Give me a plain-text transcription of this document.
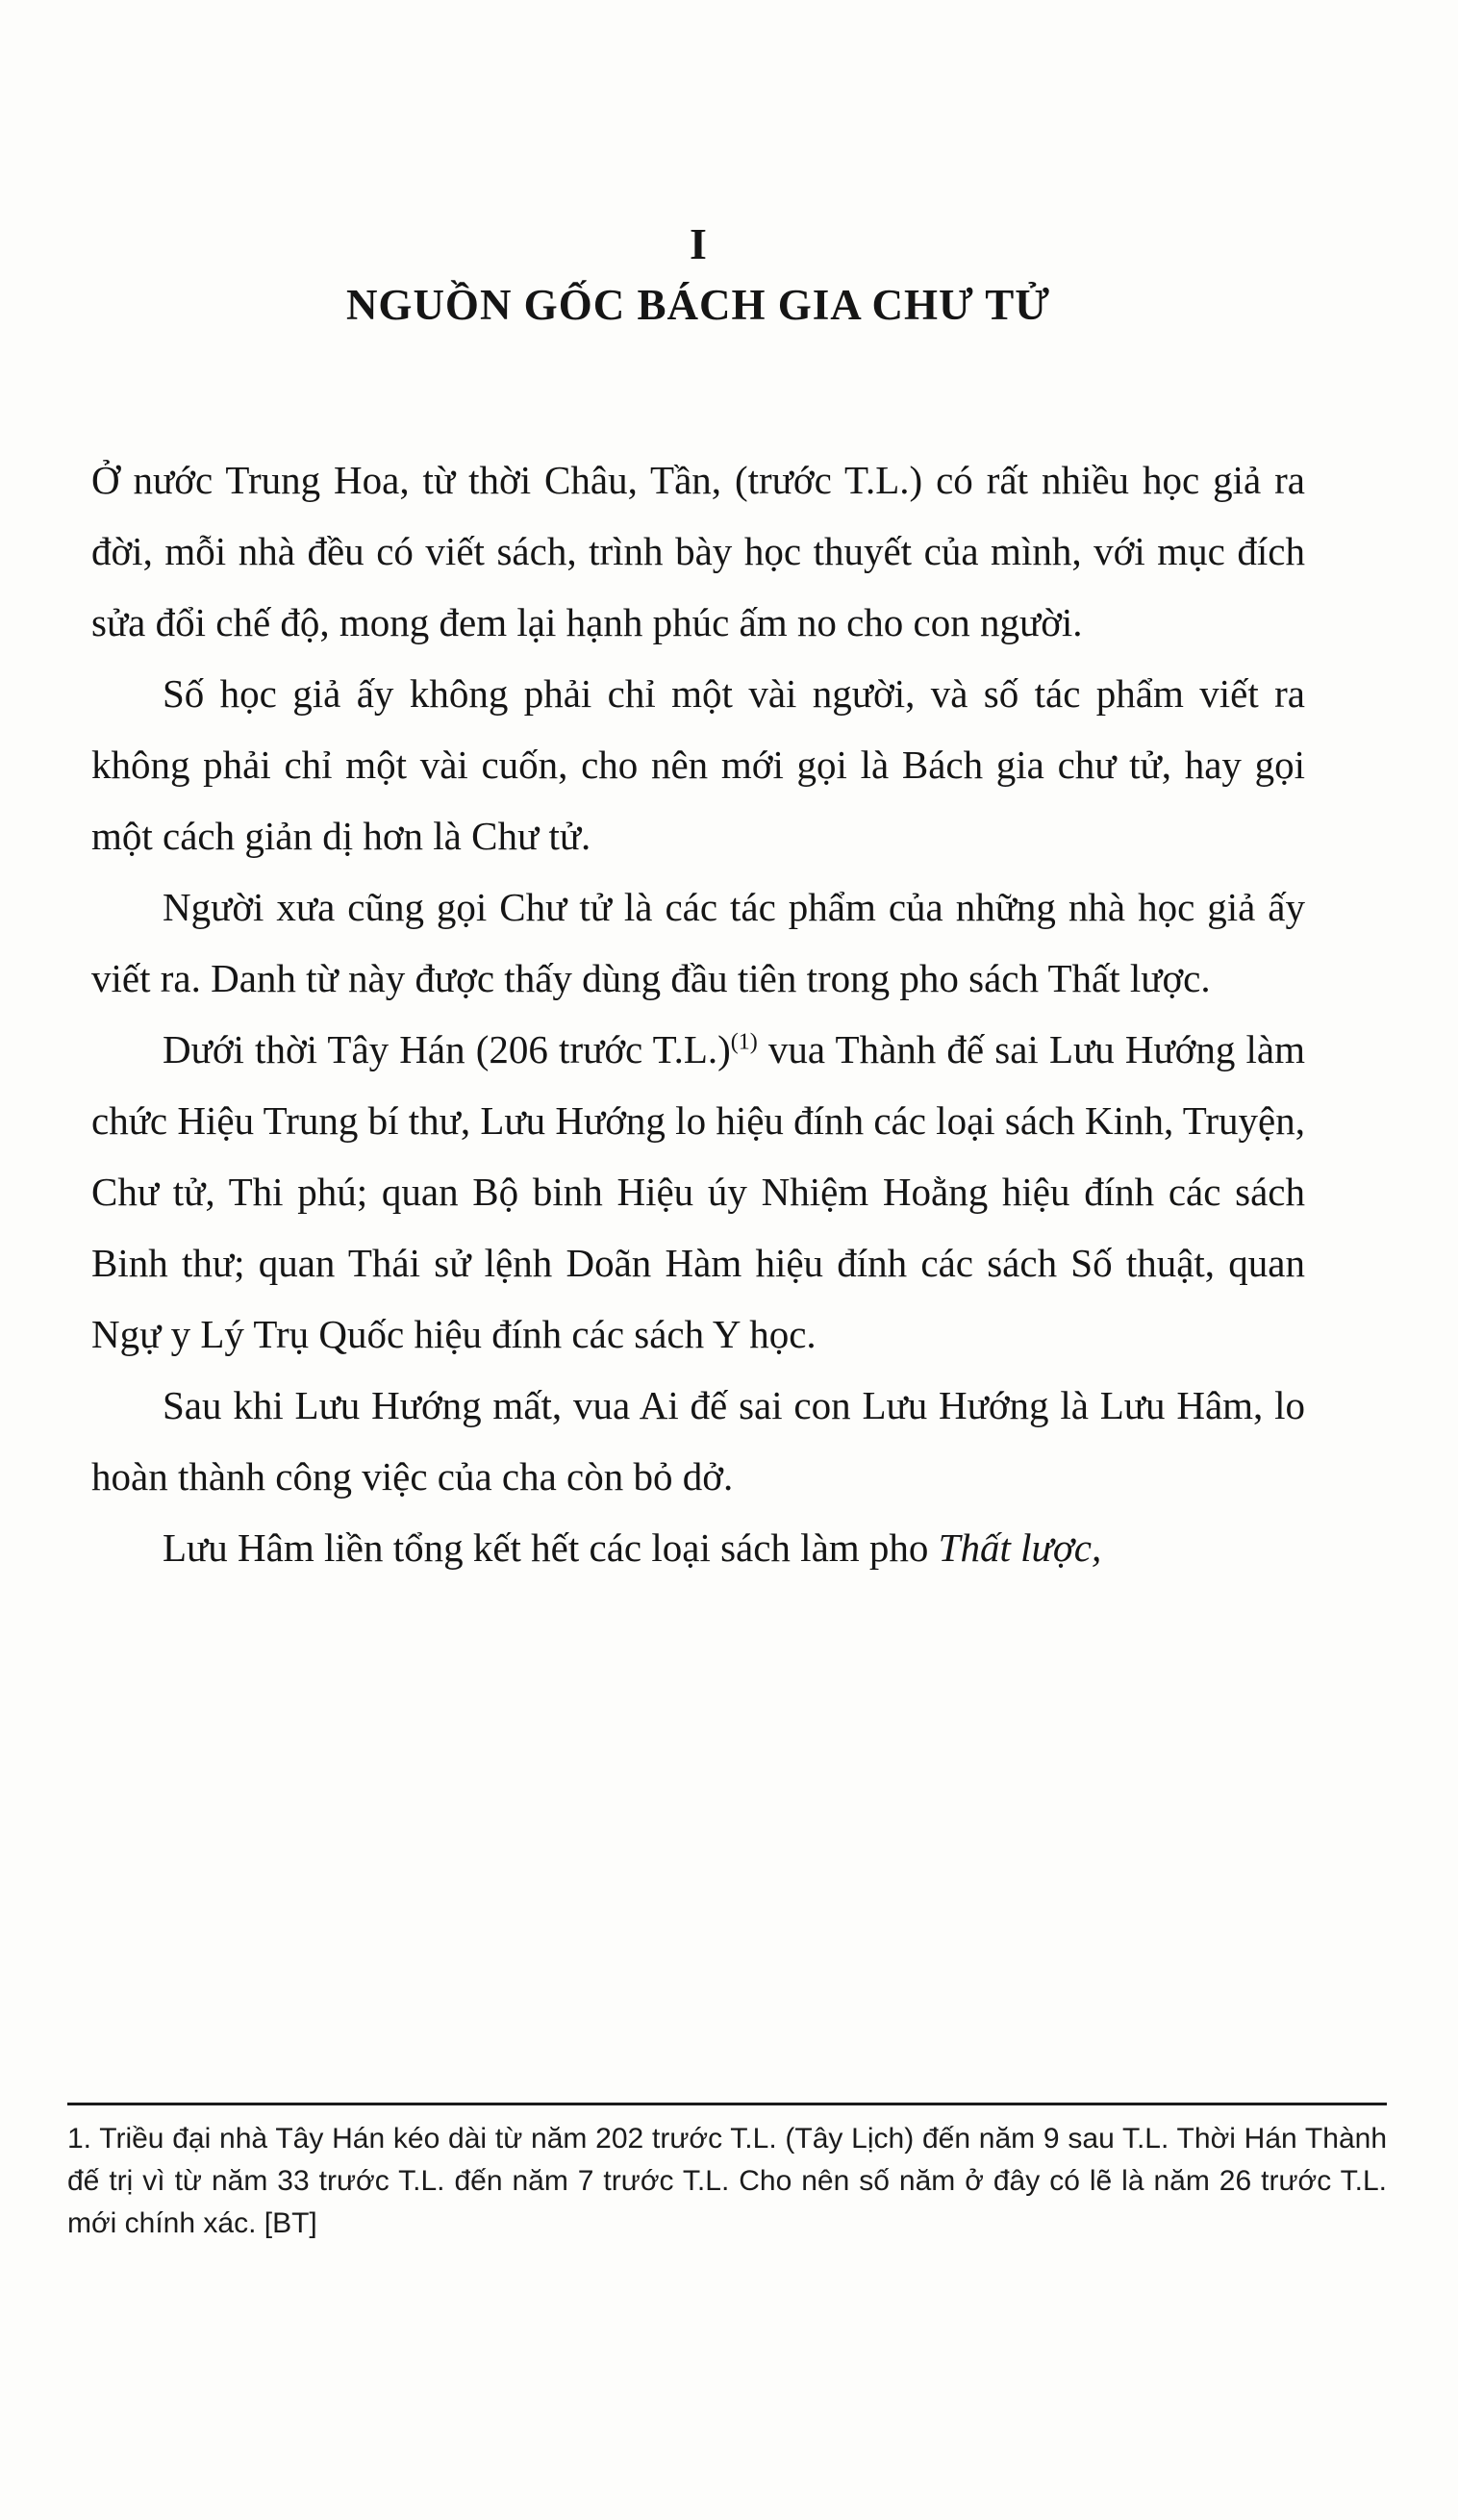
I
NGUỒN GỐC BÁCH GIA CHƯ TỬ

Ở nước Trung Hoa, từ thời Châu, Tần, (trước T.L.) có rất nhiều học giả ra đời, mỗi nhà đều có viết sách, trình bày học thuyết của mình, với mục đích sửa đổi chế độ, mong đem lại hạnh phúc ấm no cho con người.

Số học giả ấy không phải chỉ một vài người, và số tác phẩm viết ra không phải chỉ một vài cuốn, cho nên mới gọi là Bách gia chư tử, hay gọi một cách giản dị hơn là Chư tử.

Người xưa cũng gọi Chư tử là các tác phẩm của những nhà học giả ấy viết ra. Danh từ này được thấy dùng đầu tiên trong pho sách Thất lược.

Dưới thời Tây Hán (206 trước T.L.)$^{(1)}$ vua Thành đế sai Lưu Hướng làm chức Hiệu Trung bí thư, Lưu Hướng lo hiệu đính các loại sách Kinh, Truyện, Chư tử, Thi phú; quan Bộ binh Hiệu úy Nhiệm Hoằng hiệu đính các sách Binh thư; quan Thái sử lệnh Doãn Hàm hiệu đính các sách Số thuật, quan Ngự y Lý Trụ Quốc hiệu đính các sách Y học.

Sau khi Lưu Hướng mất, vua Ai đế sai con Lưu Hướng là Lưu Hâm, lo hoàn thành công việc của cha còn bỏ dở.

Lưu Hâm liền tổng kết hết các loại sách làm pho Thất lược,

1. Triều đại nhà Tây Hán kéo dài từ năm 202 trước T.L. (Tây Lịch) đến năm 9 sau T.L. Thời Hán Thành đế trị vì từ năm 33 trước T.L. đến năm 7 trước T.L. Cho nên số năm ở đây có lẽ là năm 26 trước T.L. mới chính xác. [BT]
